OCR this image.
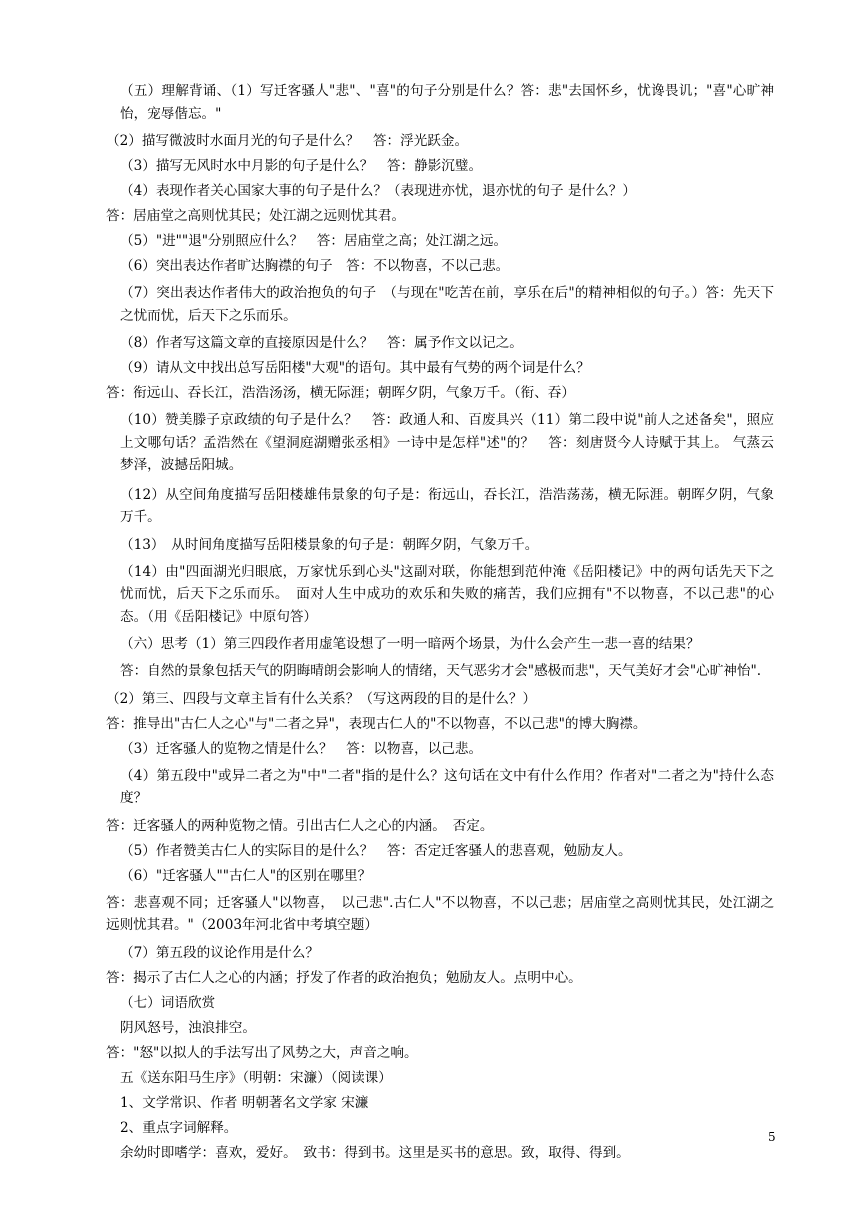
（五）理解背诵、（1）写迁客骚人"悲"、"喜"的句子分别是什么？答：悲"去国怀乡，忧谗畏讥；"喜"心旷神怡，宠辱偕忘。"

（2）描写微波时水面月光的句子是什么？　答：浮光跃金。

（3）描写无风时水中月影的句子是什么？　答：静影沉璧。

（4）表现作者关心国家大事的句子是什么？（表现进亦忧，退亦忧的句子 是什么？）

答：居庙堂之高则忧其民；处江湖之远则忧其君。

（5）"进""退"分别照应什么？　答：居庙堂之高；处江湖之远。

（6）突出表达作者旷达胸襟的句子　答：不以物喜，不以己悲。

（7）突出表达作者伟大的政治抱负的句子　（与现在"吃苦在前，享乐在后"的精神相似的句子。）答：先天下之忧而忧，后天下之乐而乐。

（8）作者写这篇文章的直接原因是什么？　答：属予作文以记之。

（9）请从文中找出总写岳阳楼"大观"的语句。其中最有气势的两个词是什么？

答：衔远山、吞长江，浩浩汤汤，横无际涯；朝晖夕阴，气象万千。（衔、吞）

（10）赞美滕子京政绩的句子是什么？　答：政通人和、百废具兴（11）第二段中说"前人之述备矣"，照应上文哪句话？孟浩然在《望洞庭湖赠张丞相》一诗中是怎样"述"的？　答：刻唐贤今人诗赋于其上。 气蒸云梦泽，波撼岳阳城。

（12）从空间角度描写岳阳楼雄伟景象的句子是：衔远山，吞长江，浩浩荡荡，横无际涯。朝晖夕阴，气象万千。

（13）　从时间角度描写岳阳楼景象的句子是：朝晖夕阴，气象万千。

（14）由"四面湖光归眼底，万家忧乐到心头"这副对联，你能想到范仲淹《岳阳楼记》中的两句话先天下之忧而忧，后天下之乐而乐。　面对人生中成功的欢乐和失败的痛苦，我们应拥有"不以物喜，不以己悲"的心态。（用《岳阳楼记》中原句答）

（六）思考（1）第三四段作者用虚笔设想了一明一暗两个场景，为什么会产生一悲一喜的结果？

答：自然的景象包括天气的阴晦晴朗会影响人的情绪，天气恶劣才会"感极而悲"，天气美好才会"心旷神怡".

（2）第三、四段与文章主旨有什么关系？（写这两段的目的是什么？）

答：推导出"古仁人之心"与"二者之异"，表现古仁人的"不以物喜，不以己悲"的博大胸襟。

（3）迁客骚人的览物之情是什么？　答：以物喜，以己悲。

（4）第五段中"或异二者之为"中"二者"指的是什么？这句话在文中有什么作用？作者对"二者之为"持什么态度？

答：迁客骚人的两种览物之情。引出古仁人之心的内涵。　否定。

（5）作者赞美古仁人的实际目的是什么？　答：否定迁客骚人的悲喜观，勉励友人。

（6）"迁客骚人""古仁人"的区别在哪里？

答：悲喜观不同；迁客骚人"以物喜，　以己悲".古仁人"不以物喜，不以己悲；居庙堂之高则忧其民，处江湖之远则忧其君。"（2003年河北省中考填空题）

（7）第五段的议论作用是什么？

答：揭示了古仁人之心的内涵；抒发了作者的政治抱负；勉励友人。点明中心。

（七）词语欣赏

阴风怒号，浊浪排空。

答："怒"以拟人的手法写出了风势之大，声音之响。

五《送东阳马生序》（明朝：宋濂）（阅读课）

1、文学常识、作者 明朝著名文学家 宋濂

2、重点字词解释。

余幼时即嗜学：喜欢，爱好。　致书：得到书。这里是买书的意思。致，取得、得到。

5
